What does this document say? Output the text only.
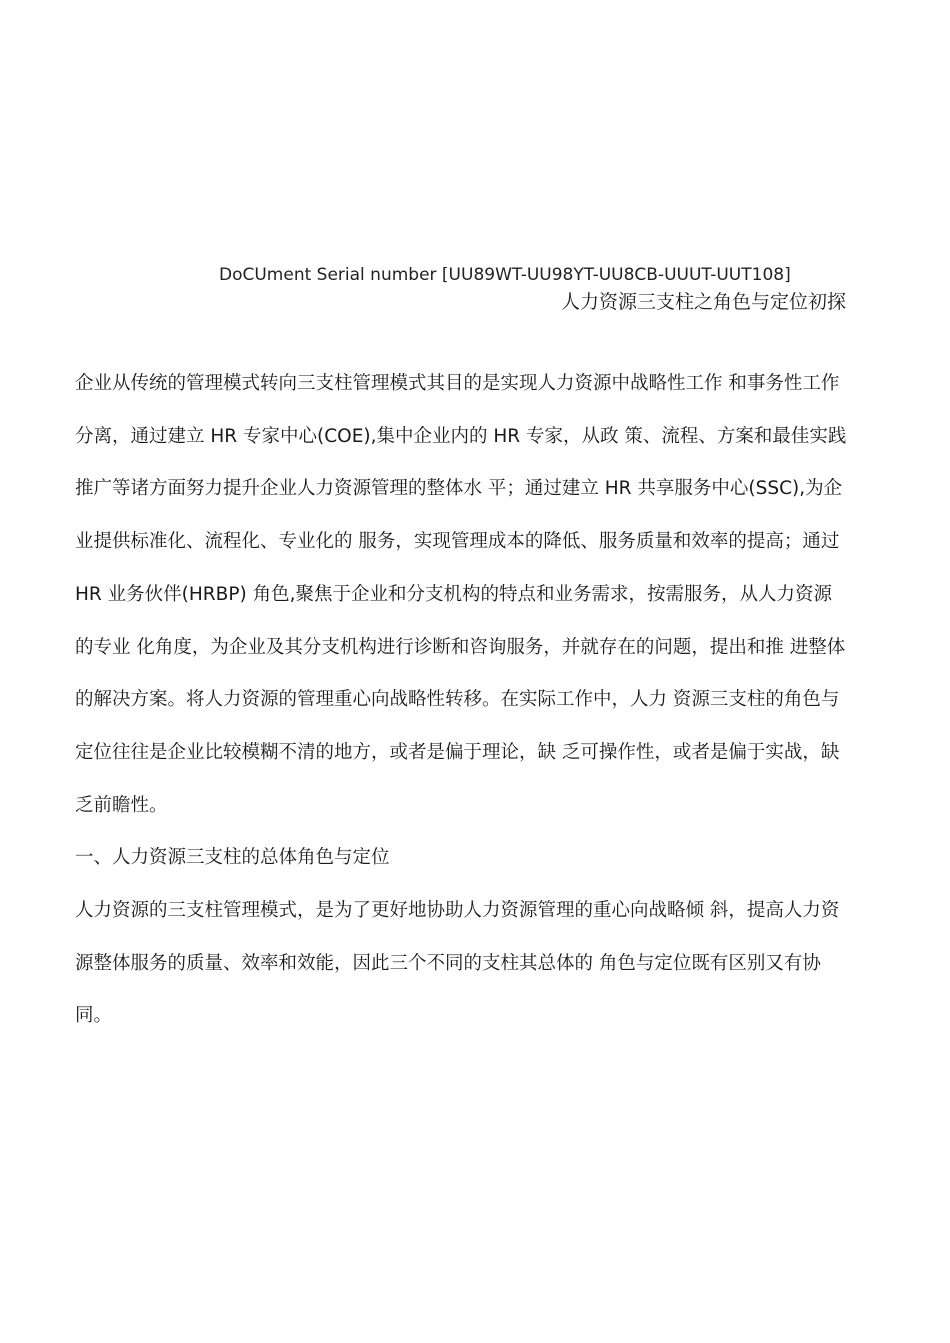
DoCUment Serial number [UU89WT-UU98YT-UU8CB-UUUT-UUT108]
人力资源三支柱之角色与定位初探

企业从传统的管理模式转向三支柱管理模式其目的是实现人力资源中战略性工作 和事务性工作分离，通过建立 HR 专家中心(COE),集中企业内的 HR 专家，从政 策、流程、方案和最佳实践推广等诸方面努力提升企业人力资源管理的整体水 平；通过建立 HR 共享服务中心(SSC),为企业提供标准化、流程化、专业化的 服务，实现管理成本的降低、服务质量和效率的提高；通过 HR 业务伙伴(HRBP) 角色,聚焦于企业和分支机构的特点和业务需求，按需服务，从人力资源的专业 化角度，为企业及其分支机构进行诊断和咨询服务，并就存在的问题，提出和推 进整体的解决方案。将人力资源的管理重心向战略性转移。在实际工作中，人力 资源三支柱的角色与定位往往是企业比较模糊不清的地方，或者是偏于理论，缺 乏可操作性，或者是偏于实战，缺乏前瞻性。

一、人力资源三支柱的总体角色与定位

人力资源的三支柱管理模式，是为了更好地协助人力资源管理的重心向战略倾 斜，提高人力资源整体服务的质量、效率和效能，因此三个不同的支柱其总体的 角色与定位既有区别又有协同。
